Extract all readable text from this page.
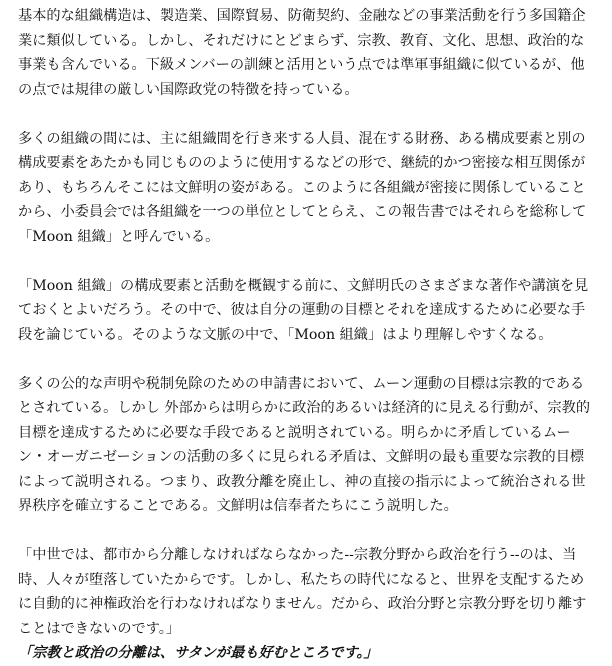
基本的な組織構造は、製造業、国際貿易、防衛契約、金融などの事業活動を行う多国籍企業に類似している。しかし、それだけにとどまらず、宗教、教育、文化、思想、政治的な事業も含んでいる。下級メンバーの訓練と活用という点では準軍事組織に似ているが、他の点では規律の厳しい国際政党の特徴を持っている。

多くの組織の間には、主に組織間を行き来する人員、混在する財務、ある構成要素と別の構成要素をあたかも同じもののように使用するなどの形で、継続的かつ密接な相互関係があり、もちろんそこには文鮮明の姿がある。このように各組織が密接に関係していることから、小委員会では各組織を一つの単位としてとらえ、この報告書ではそれらを総称して「Moon 組織」と呼んでいる。

「Moon 組織」の構成要素と活動を概観する前に、文鮮明氏のさまざまな著作や講演を見ておくとよいだろう。その中で、彼は自分の運動の目標とそれを達成するために必要な手段を論じている。そのような文脈の中で、「Moon 組織」はより理解しやすくなる。

多くの公的な声明や税制免除のための申請書において、ムーン運動の目標は宗教的であるとされている。しかし 外部からは明らかに政治的あるいは経済的に見える行動が、宗教的目標を達成するために必要な手段であると説明されている。明らかに矛盾しているムーン・オーガニゼーションの活動の多くに見られる矛盾は、文鮮明の最も重要な宗教的目標によって説明される。つまり、政教分離を廃止し、神の直接の指示によって統治される世界秩序を確立することである。文鮮明は信奉者たちにこう説明した。

「中世では、都市から分離しなければならなかった--宗教分野から政治を行う--のは、当時、人々が堕落していたからです。しかし、私たちの時代になると、世界を支配するために自動的に神権政治を行わなければなりません。だから、政治分野と宗教分野を切り離すことはできないのです。」

「宗教と政治の分離は、サタンが最も好むところです。」
